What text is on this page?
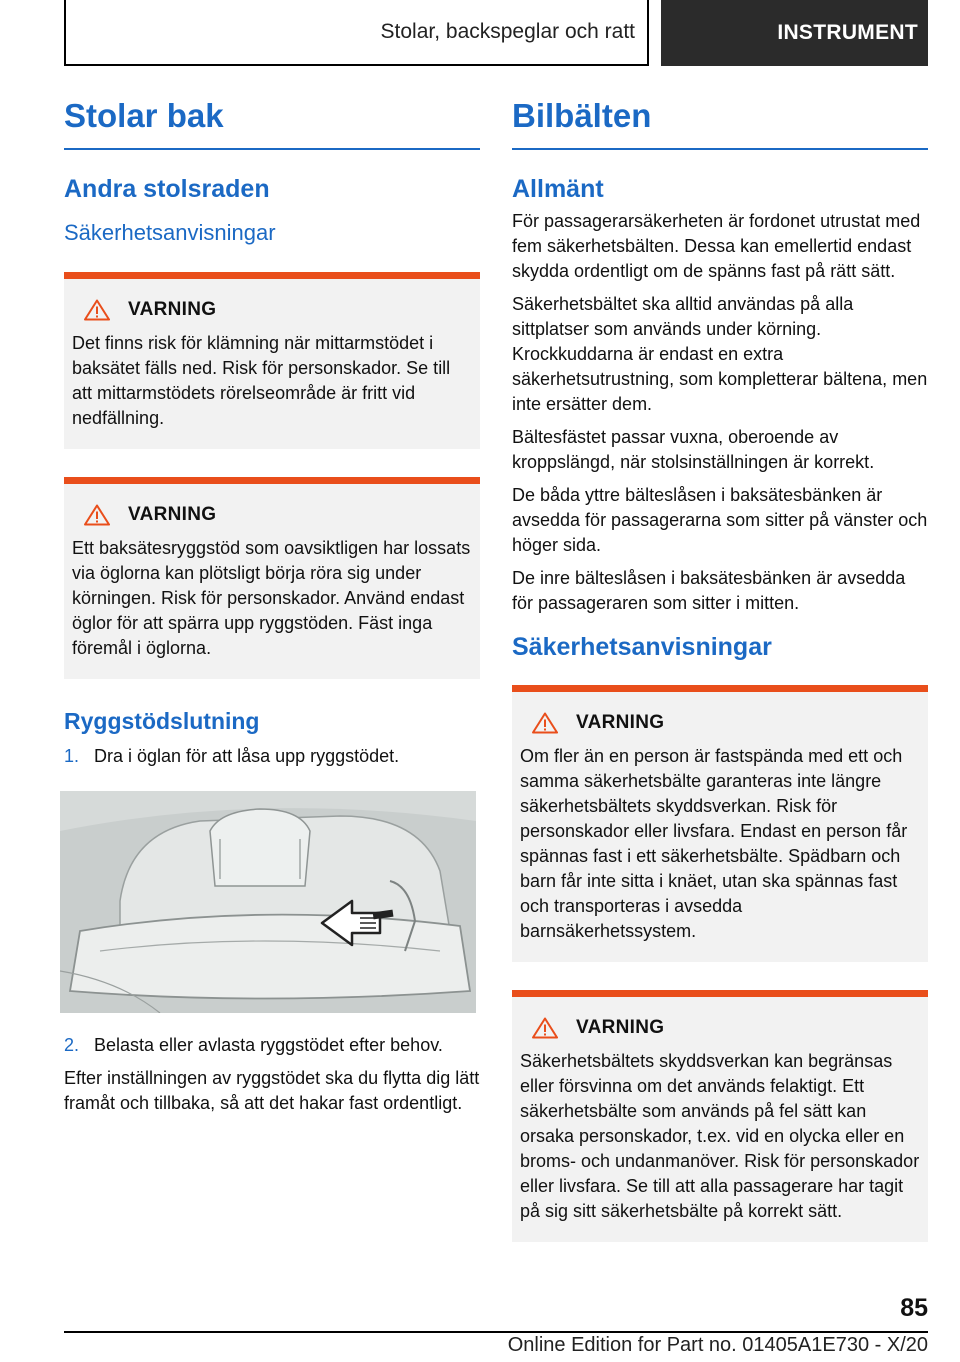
Stolar, backspeglar och ratt	INSTRUMENT
Stolar bak
Andra stolsraden
Säkerhetsanvisningar
VARNING

Det finns risk för klämning när mittarmstödet i baksätet fälls ned. Risk för personskador. Se till att mittarmstödets rörelseområde är fritt vid nedfällning.

VARNING

Ett baksätesryggstöd som oavsiktligen har lossats via öglorna kan plötsligt börja röra sig under körningen. Risk för personskador. Använd endast öglor för att spärra upp ryggstöden. Fäst inga föremål i öglorna.

Ryggstödslutning
1. Dra i öglan för att låsa upp ryggstödet.
2. Belasta eller avlasta ryggstödet efter behov.

Efter inställningen av ryggstödet ska du flytta dig lätt framåt och tillbaka, så att det hakar fast ordentligt.

Bilbälten
Allmänt

För passagerarsäkerheten är fordonet utrustat med fem säkerhetsbälten. Dessa kan emellertid endast skydda ordentligt om de spänns fast på rätt sätt.

Säkerhetsbältet ska alltid användas på alla sittplatser som används under körning. Krockkuddarna är endast en extra säkerhetsutrustning, som kompletterar bältena, men inte ersätter dem.

Bältesfästet passar vuxna, oberoende av kroppslängd, när stolsinställningen är korrekt.

De båda yttre bälteslåsen i baksätesbänken är avsedda för passagerarna som sitter på vänster och höger sida.

De inre bälteslåsen i baksätesbänken är avsedda för passageraren som sitter i mitten.

Säkerhetsanvisningar
VARNING

Om fler än en person är fastspända med ett och samma säkerhetsbälte garanteras inte längre säkerhetsbältets skyddsverkan. Risk för personskador eller livsfara. Endast en person får spännas fast i ett säkerhetsbälte. Spädbarn och barn får inte sitta i knäet, utan ska spännas fast och transporteras i avsedda barnsäkerhetssystem.

VARNING

Säkerhetsbältets skyddsverkan kan begränsas eller försvinna om det används felaktigt. Ett säkerhetsbälte som används på fel sätt kan orsaka personskador, t.ex. vid en olycka eller en broms- och undanmanöver. Risk för personskador eller livsfara. Se till att alla passagerare har tagit på sig sitt säkerhetsbälte på korrekt sätt.

85
Online Edition for Part no. 01405A1E730 - X/20
